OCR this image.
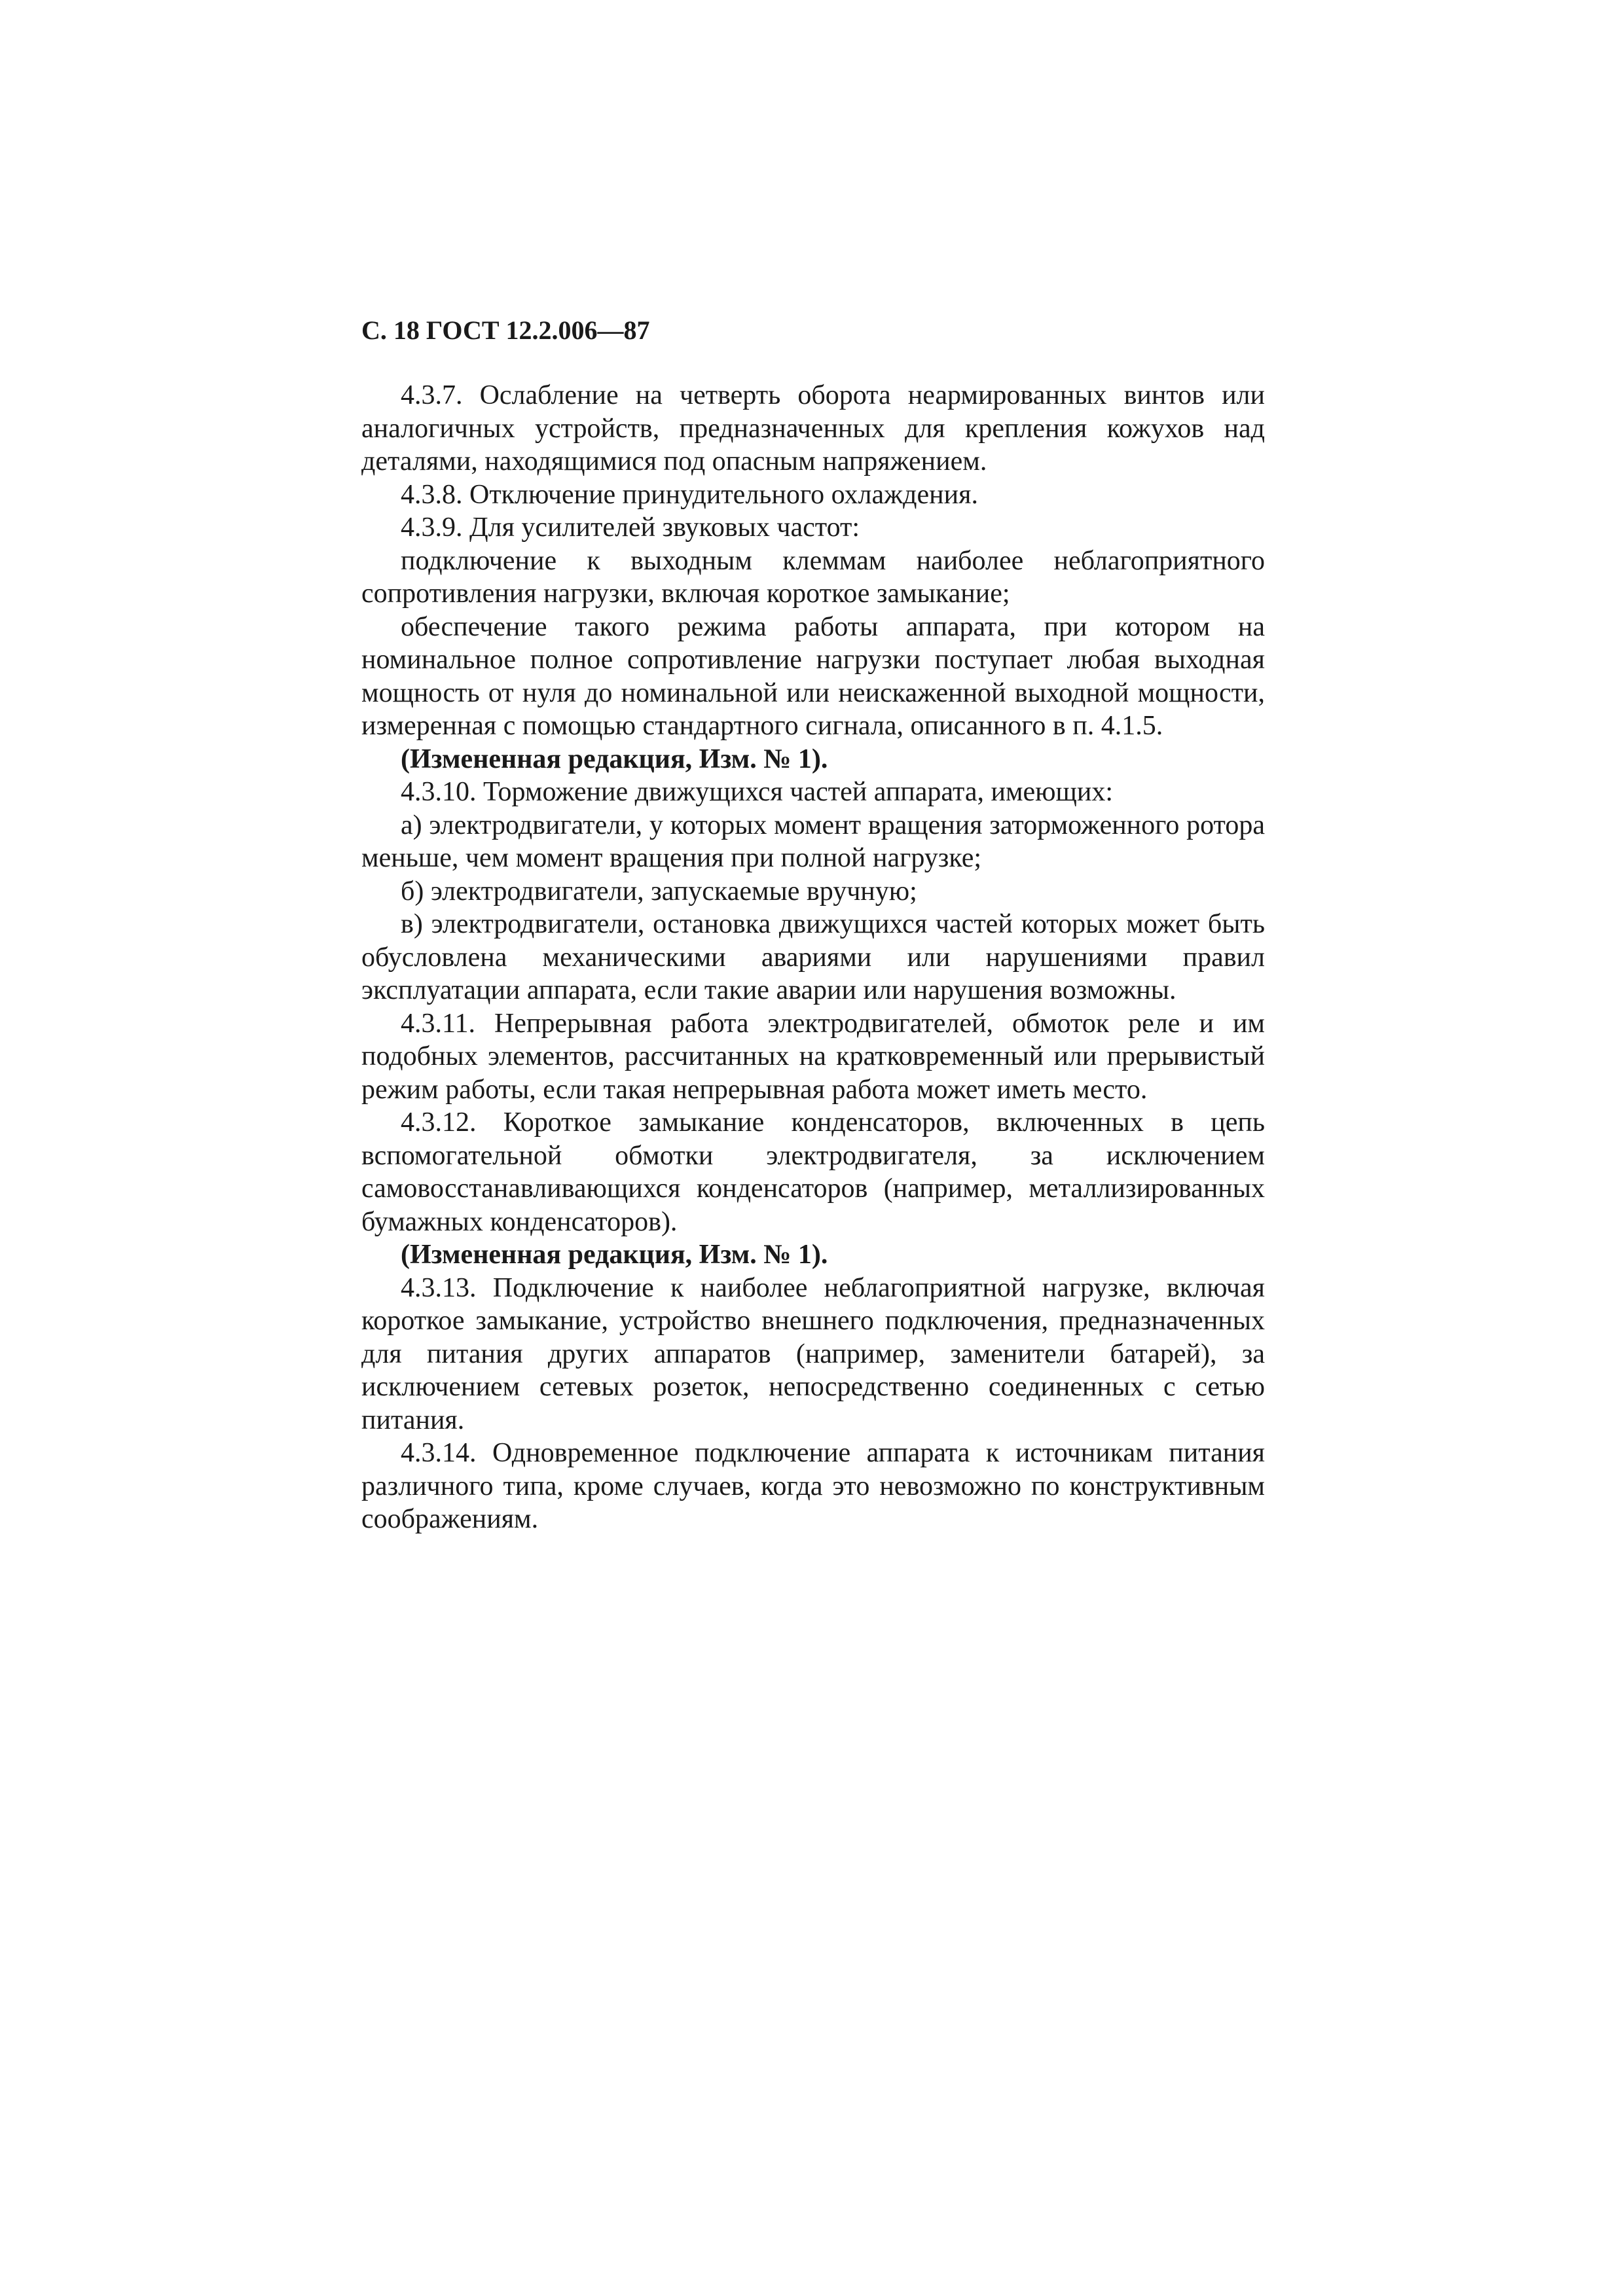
С. 18 ГОСТ 12.2.006—87

4.3.7. Ослабление на четверть оборота неармированных винтов или аналогичных устройств, предназначенных для крепления кожухов над деталями, находящимися под опасным напряжением.

4.3.8. Отключение принудительного охлаждения.

4.3.9. Для усилителей звуковых частот:

подключение к выходным клеммам наиболее неблагоприятного сопротивления нагрузки, включая короткое замыкание;

обеспечение такого режима работы аппарата, при котором на номинальное полное сопротивление нагрузки поступает любая выходная мощность от нуля до номинальной или неискаженной выходной мощности, измеренная с помощью стандартного сигнала, описанного в п. 4.1.5.

(Измененная редакция, Изм. № 1).

4.3.10. Торможение движущихся частей аппарата, имеющих:

а) электродвигатели, у которых момент вращения заторможенного ротора меньше, чем момент вращения при полной нагрузке;

б) электродвигатели, запускаемые вручную;

в) электродвигатели, остановка движущихся частей которых может быть обусловлена механическими авариями или нарушениями правил эксплуатации аппарата, если такие аварии или нарушения возможны.

4.3.11. Непрерывная работа электродвигателей, обмоток реле и им подобных элементов, рассчитанных на кратковременный или прерывистый режим работы, если такая непрерывная работа может иметь место.

4.3.12. Короткое замыкание конденсаторов, включенных в цепь вспомогательной обмотки электродвигателя, за исключением самовосстанавливающихся конденсаторов (например, металлизированных бумажных конденсаторов).

(Измененная редакция, Изм. № 1).

4.3.13. Подключение к наиболее неблагоприятной нагрузке, включая короткое замыкание, устройство внешнего подключения, предназначенных для питания других аппаратов (например, заменители батарей), за исключением сетевых розеток, непосредственно соединенных с сетью питания.

4.3.14. Одновременное подключение аппарата к источникам питания различного типа, кроме случаев, когда это невозможно по конструктивным соображениям.
